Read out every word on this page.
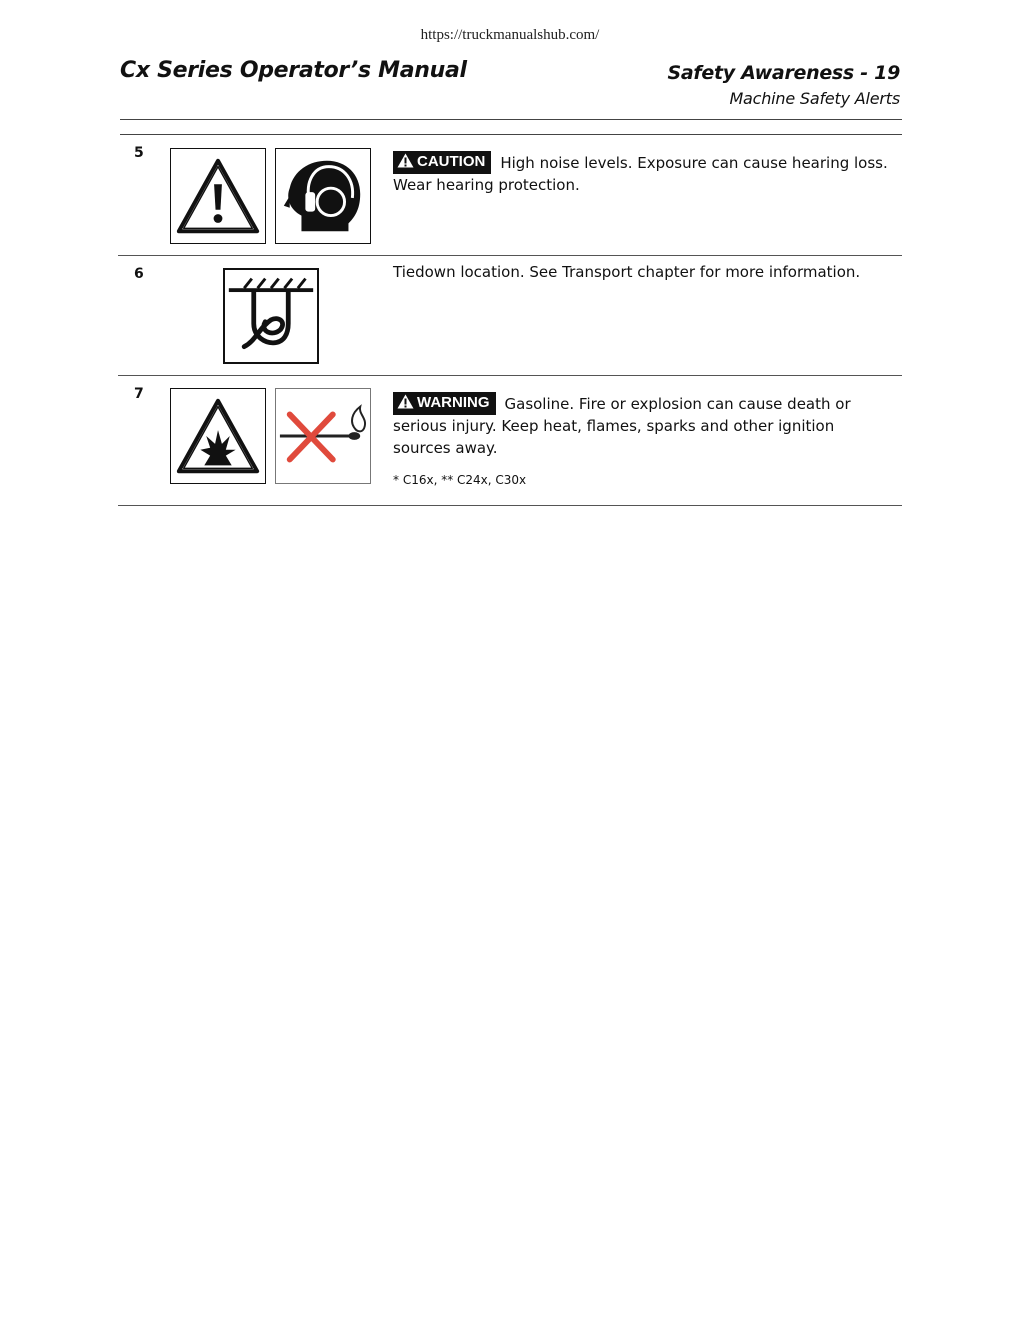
https://truckmanualshub.com/
Cx Series Operator’s Manual	Safety Awareness - 19
Machine Safety Alerts
5	CAUTION High noise levels. Exposure can cause hearing loss. Wear hearing protection.
6	Tiedown location. See Transport chapter for more information.
7	WARNING Gasoline. Fire or explosion can cause death or serious injury. Keep heat, flames, sparks and other ignition sources away.
* C16x, ** C24x, C30x
